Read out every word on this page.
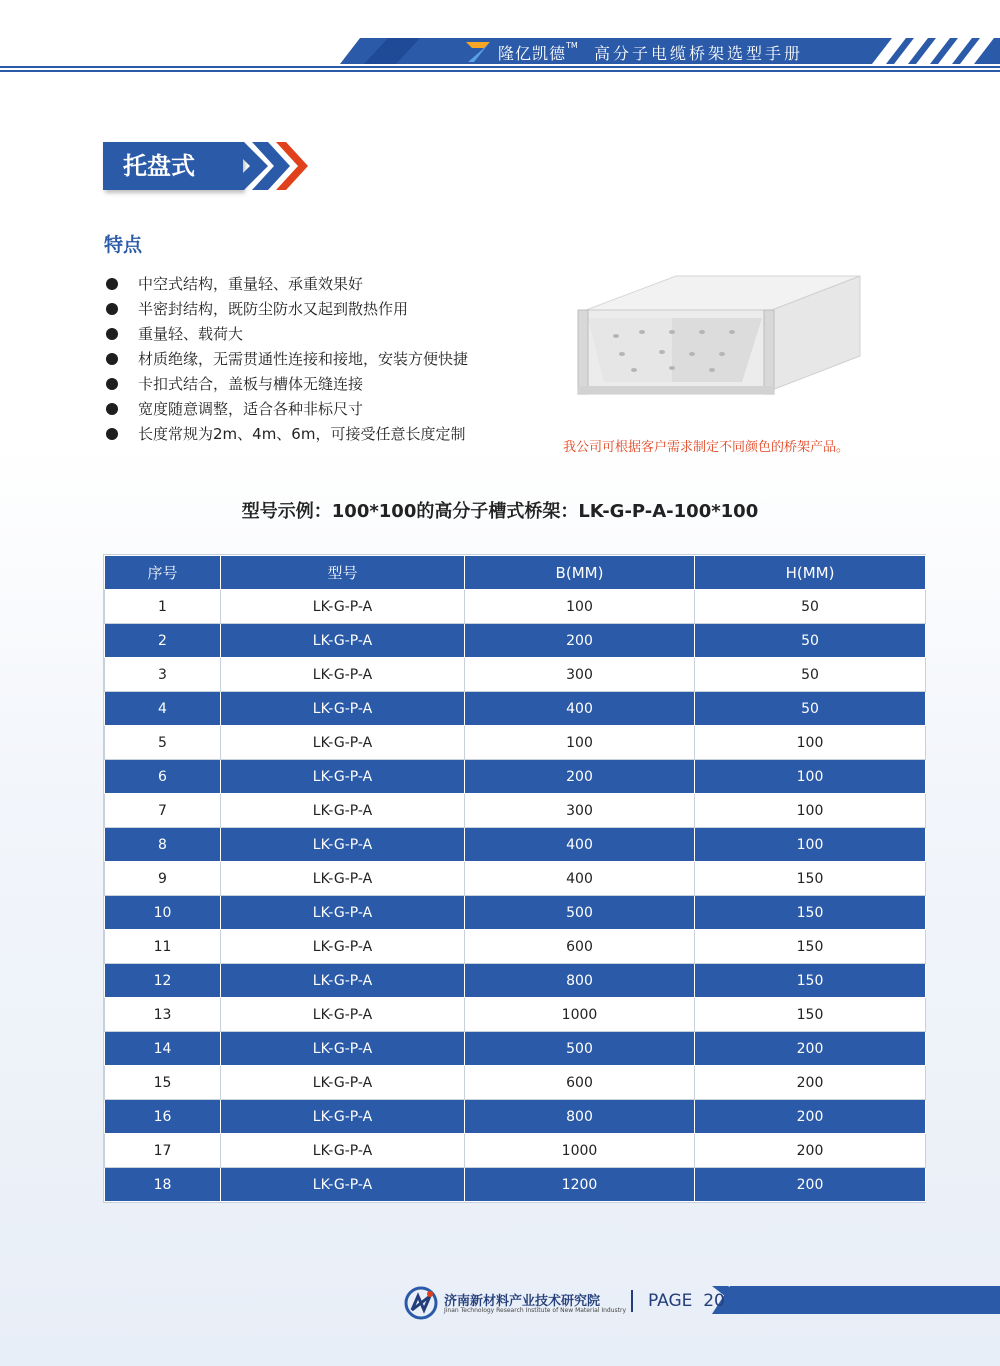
隆亿凯德™ 高分子电缆桥架选型手册
托盘式
特点
中空式结构，重量轻、承重效果好
半密封结构，既防尘防水又起到散热作用
重量轻、载荷大
材质绝缘，无需贯通性连接和接地，安装方便快捷
卡扣式结合，盖板与槽体无缝连接
宽度随意调整，适合各种非标尺寸
长度常规为2m、4m、6m，可接受任意长度定制
我公司可根据客户需求制定不同颜色的桥架产品。
型号示例：100*100的高分子槽式桥架：LK-G-P-A-100*100
序号	型号	B(MM)	H(MM)
1	LK-G-P-A	100	50
2	LK-G-P-A	200	50
3	LK-G-P-A	300	50
4	LK-G-P-A	400	50
5	LK-G-P-A	100	100
6	LK-G-P-A	200	100
7	LK-G-P-A	300	100
8	LK-G-P-A	400	100
9	LK-G-P-A	400	150
10	LK-G-P-A	500	150
11	LK-G-P-A	600	150
12	LK-G-P-A	800	150
13	LK-G-P-A	1000	150
14	LK-G-P-A	500	200
15	LK-G-P-A	600	200
16	LK-G-P-A	800	200
17	LK-G-P-A	1000	200
18	LK-G-P-A	1200	200
济南新材料产业技术研究院
Jinan Technology Research Institute of New Material Industry PAGE 20
